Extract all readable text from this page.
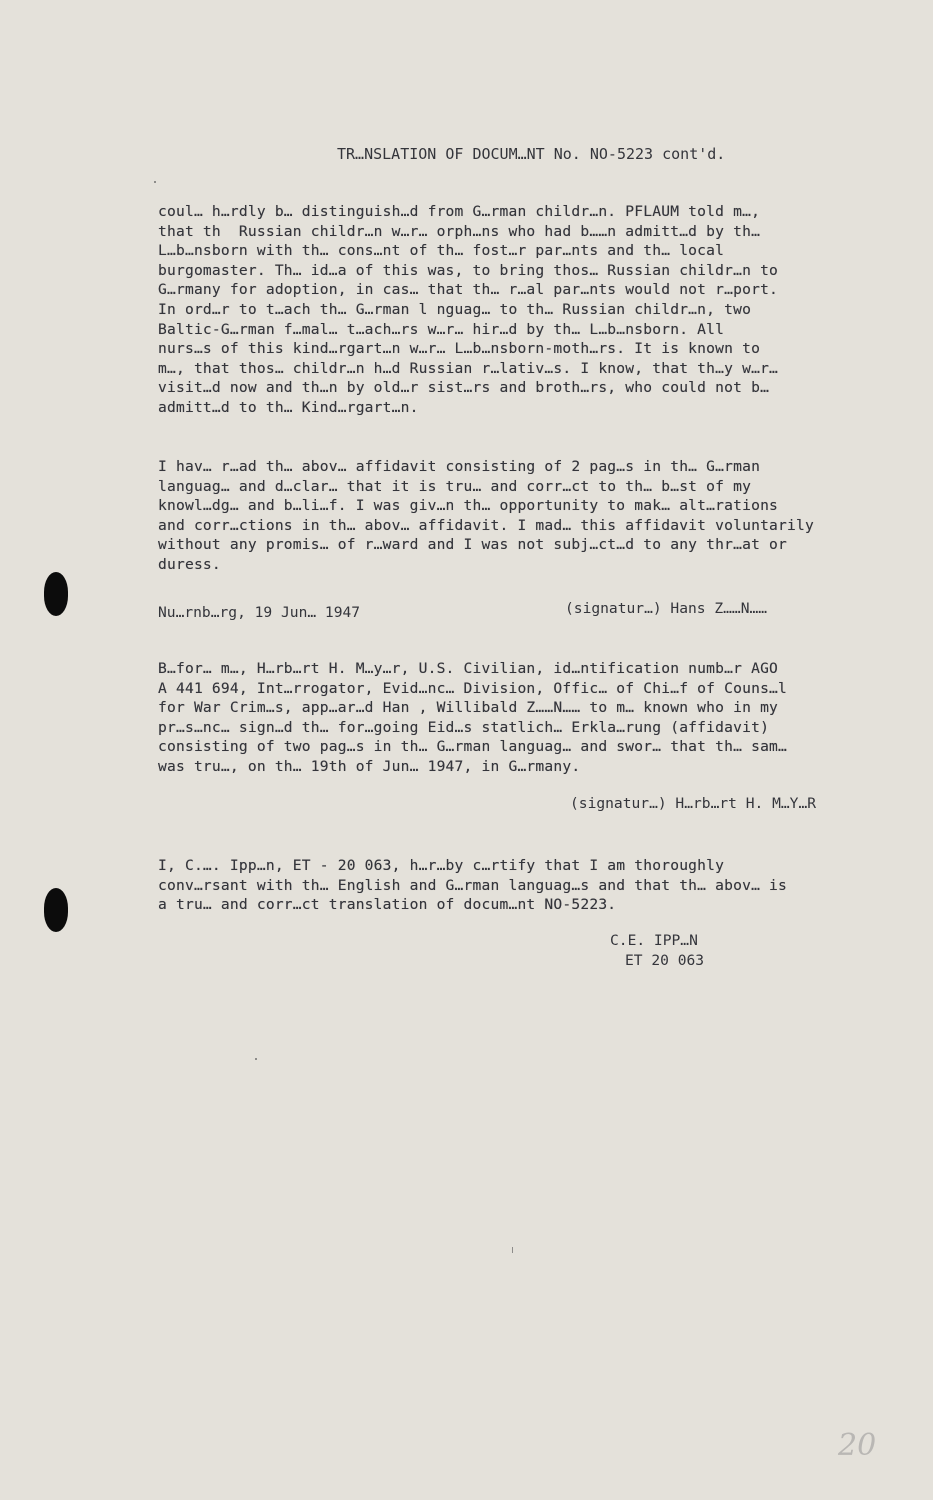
TR…NSLATION OF DOCUM…NT No. NO-5223 cont'd.
coul… h…rdly b… distinguish…d from G…rman childr…n. PFLAUM told m…,
that th  Russian childr…n w…r… orph…ns who had b……n admitt…d by th…
L…b…nsborn with th… cons…nt of th… fost…r par…nts and th… local
burgomaster. Th… id…a of this was, to bring thos… Russian childr…n to
G…rmany for adoption, in cas… that th… r…al par…nts would not r…port.
In ord…r to t…ach th… G…rman l nguag… to th… Russian childr…n, two
Baltic-G…rman f…mal… t…ach…rs w…r… hir…d by th… L…b…nsborn. All
nurs…s of this kind…rgart…n w…r… L…b…nsborn-moth…rs. It is known to
m…, that thos… childr…n h…d Russian r…lativ…s. I know, that th…y w…r…
visit…d now and th…n by old…r sist…rs and broth…rs, who could not b…
admitt…d to th… Kind…rgart…n.
I hav… r…ad th… abov… affidavit consisting of 2 pag…s in th… G…rman
languag… and d…clar… that it is tru… and corr…ct to th… b…st of my
knowl…dg… and b…li…f. I was giv…n th… opportunity to mak… alt…rations
and corr…ctions in th… abov… affidavit. I mad… this affidavit voluntarily
without any promis… of r…ward and I was not subj…ct…d to any thr…at or
duress.
Nu…rnb…rg, 19 Jun… 1947	(signatur…) Hans Z……N……
B…for… m…, H…rb…rt H. M…y…r, U.S. Civilian, id…ntification numb…r AGO
A 441 694, Int…rrogator, Evid…nc… Division, Offic… of Chi…f of Couns…l
for War Crim…s, app…ar…d Han , Willibald Z……N…… to m… known who in my
pr…s…nc… sign…d th… for…going Eid…s statlich… Erkla…rung (affidavit)
consisting of two pag…s in th… G…rman languag… and swor… that th… sam…
was tru…, on th… 19th of Jun… 1947, in G…rmany.
(signatur…) H…rb…rt H. M…Y…R
I, C.…. Ipp…n, ET - 20 063, h…r…by c…rtify that I am thoroughly
conv…rsant with th… English and G…rman languag…s and that th… abov… is
a tru… and corr…ct translation of docum…nt NO-5223.
C.E. IPP…N
ET 20 063
20
